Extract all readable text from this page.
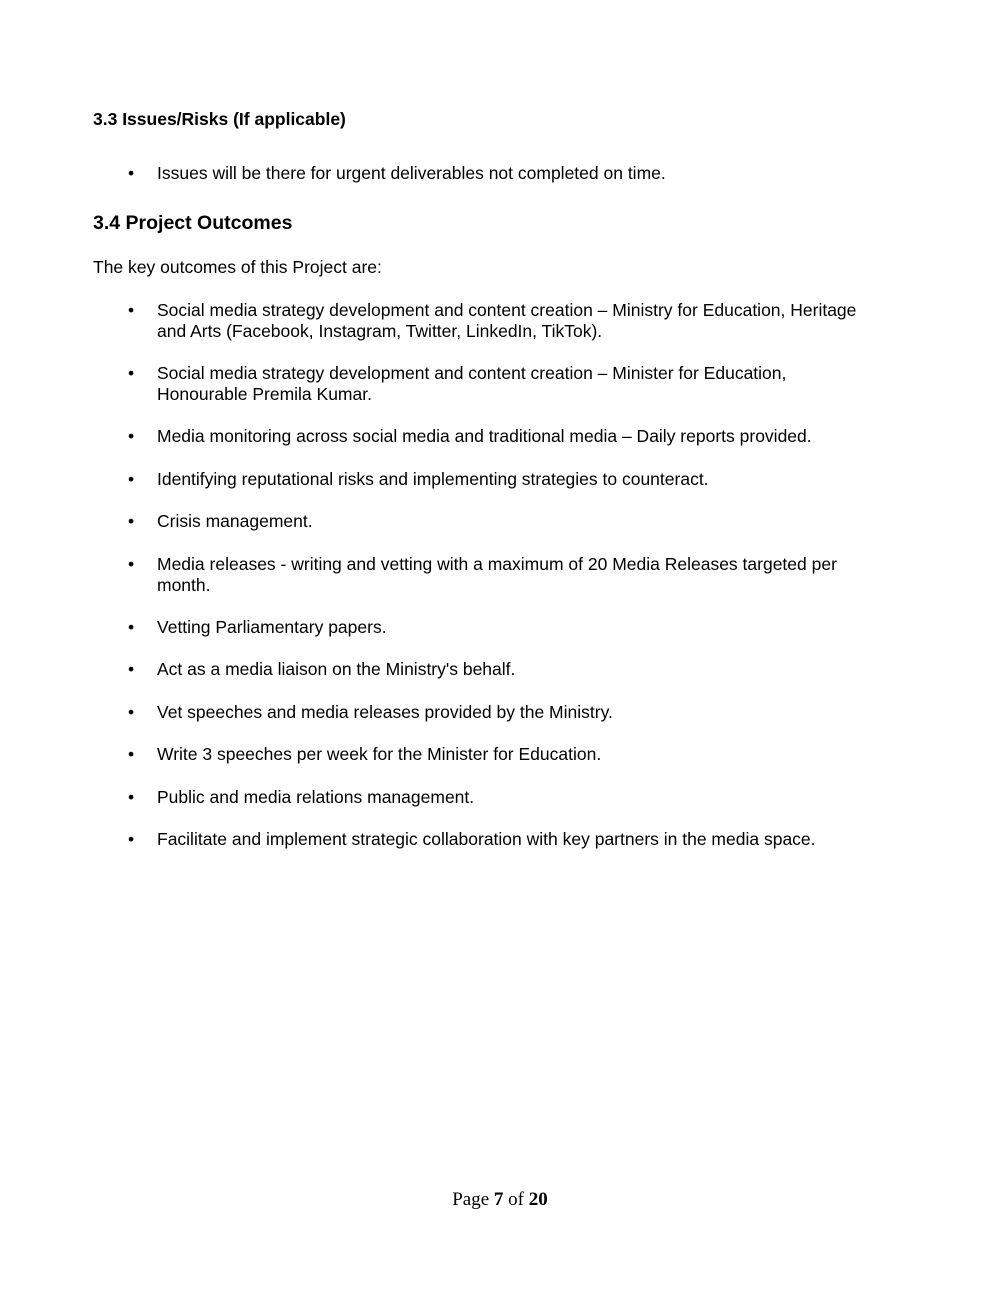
3.3 Issues/Risks (If applicable)
• Issues will be there for urgent deliverables not completed on time.
3.4 Project Outcomes

The key outcomes of this Project are:

• Social media strategy development and content creation – Ministry for Education, Heritage and Arts (Facebook, Instagram, Twitter, LinkedIn, TikTok).
• Social media strategy development and content creation – Minister for Education, Honourable Premila Kumar.
• Media monitoring across social media and traditional media – Daily reports provided.
• Identifying reputational risks and implementing strategies to counteract.
• Crisis management.
• Media releases - writing and vetting with a maximum of 20 Media Releases targeted per month.
• Vetting Parliamentary papers.
• Act as a media liaison on the Ministry's behalf.
• Vet speeches and media releases provided by the Ministry.
• Write 3 speeches per week for the Minister for Education.
• Public and media relations management.
• Facilitate and implement strategic collaboration with key partners in the media space.
Page 7 of 20
